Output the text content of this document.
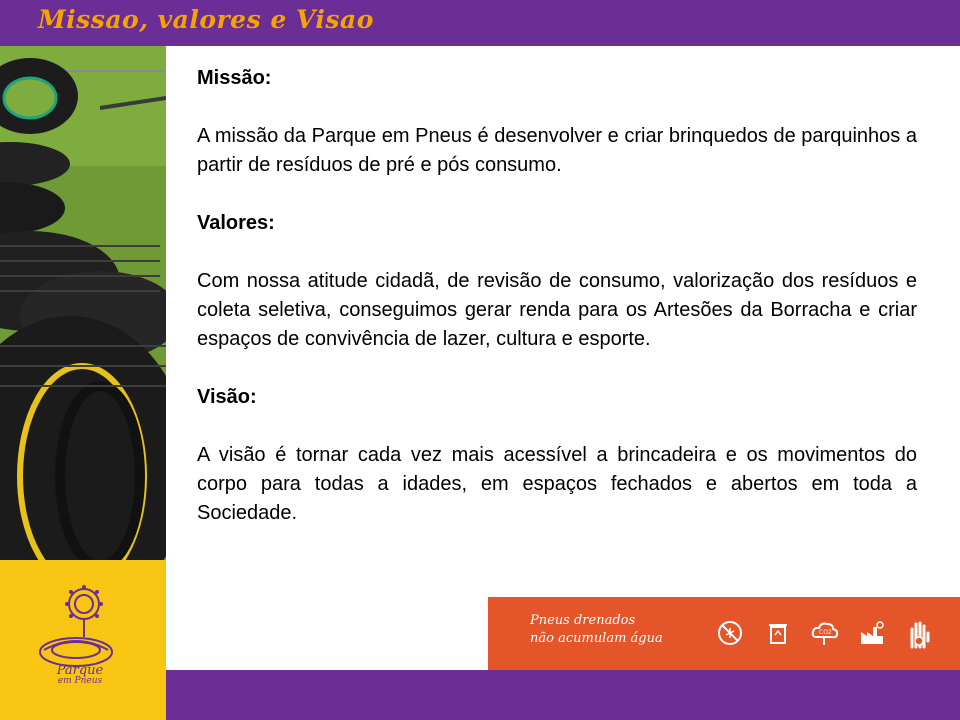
Missao, valores e Visao
Parque
em Pneus
Missão:
A missão da Parque em Pneus é desenvolver e criar brinquedos de parquinhos a partir de resíduos de pré e pós consumo.
Valores:
Com nossa atitude cidadã, de revisão de consumo, valorização dos resíduos e coleta seletiva, conseguimos gerar renda para os Artesões da Borracha e criar espaços de convivência de lazer, cultura e esporte.
Visão:
A visão é tornar cada vez mais acessível a brincadeira e os movimentos do corpo para todas a idades, em espaços fechados e abertos em toda a Sociedade.
Pneus drenados
não acumulam água	CO2
